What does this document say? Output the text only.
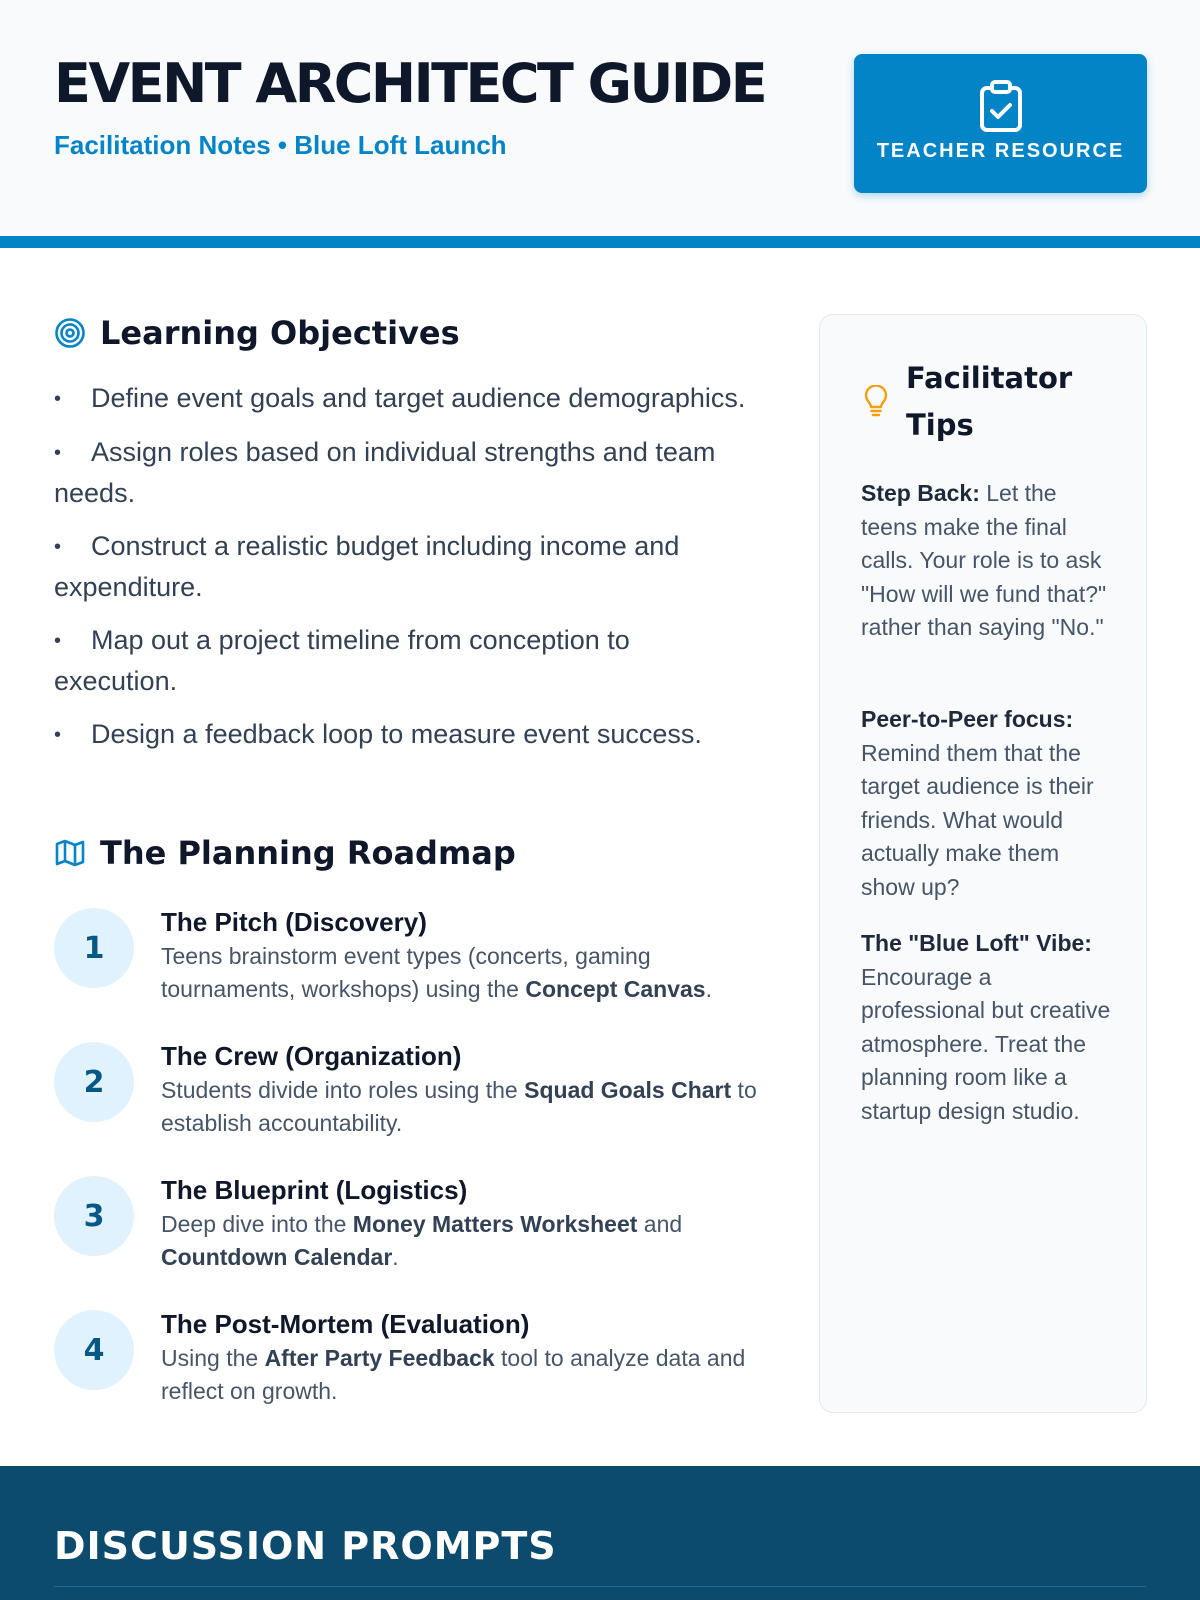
EVENT ARCHITECT GUIDE
Facilitation Notes • Blue Loft Launch	TEACHER RESOURCE
Learning Objectives
• Define event goals and target audience demographics.
• Assign roles based on individual strengths and team needs.
• Construct a realistic budget including income and expenditure.
• Map out a project timeline from conception to execution.
• Design a feedback loop to measure event success.
The Planning Roadmap
1
The Pitch (Discovery)
Teens brainstorm event types (concerts, gaming tournaments, workshops) using the Concept Canvas.
2
The Crew (Organization)
Students divide into roles using the Squad Goals Chart to establish accountability.
3
The Blueprint (Logistics)
Deep dive into the Money Matters Worksheet and Countdown Calendar.
4
The Post-Mortem (Evaluation)
Using the After Party Feedback tool to analyze data and reflect on growth.
Facilitator Tips

Step Back: Let the teens make the final calls. Your role is to ask "How will we fund that?" rather than saying "No."

Peer-to-Peer focus: Remind them that the target audience is their friends. What would actually make them show up?

The "Blue Loft" Vibe: Encourage a professional but creative atmosphere. Treat the planning room like a startup design studio.

DISCUSSION PROMPTS
